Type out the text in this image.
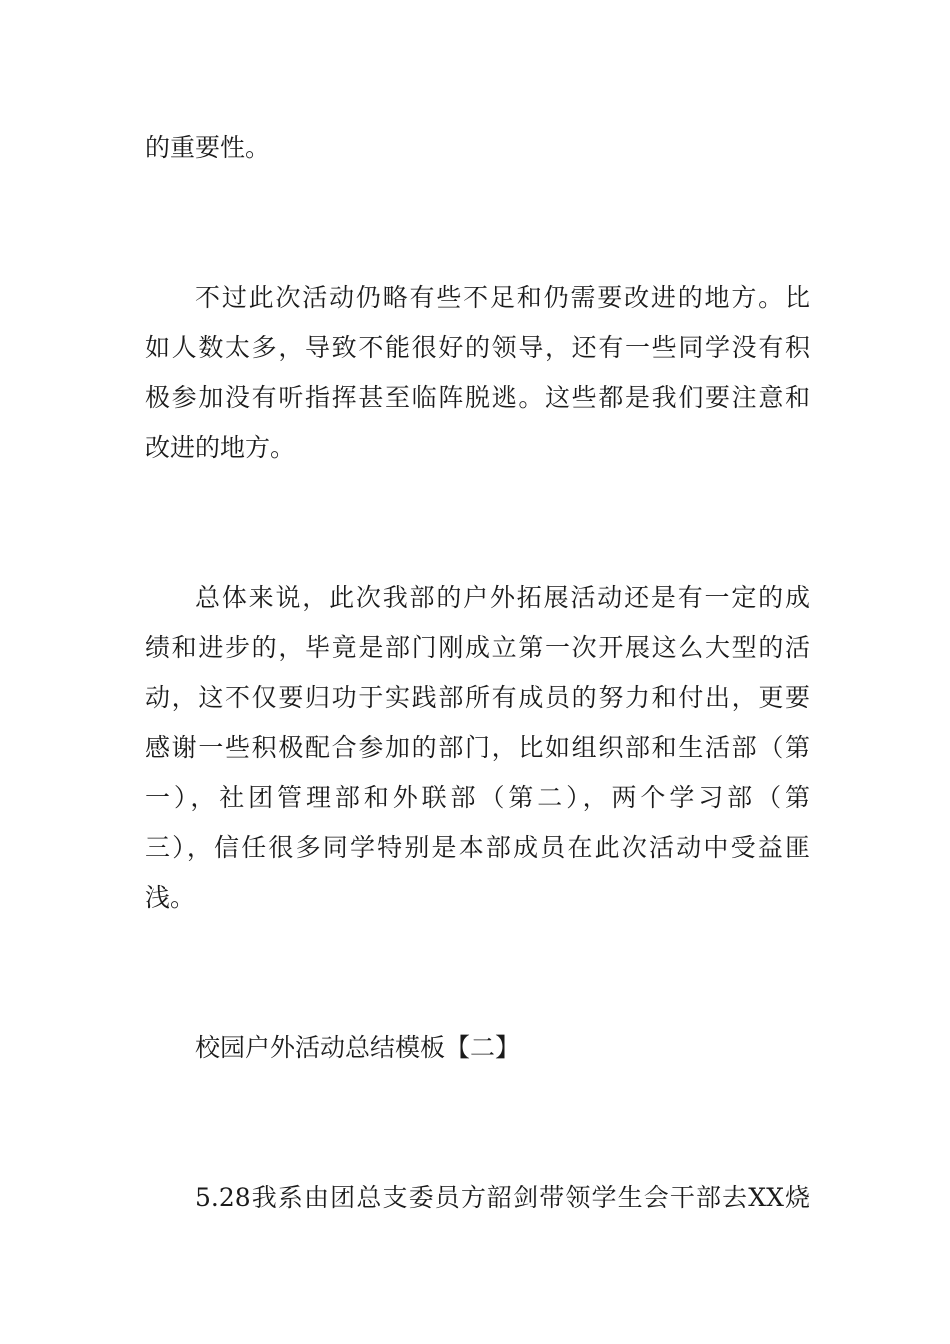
的重要性。
不过此次活动仍略有些不足和仍需要改进的地方。比
如人数太多，导致不能很好的领导，还有一些同学没有积
极参加没有听指挥甚至临阵脱逃。这些都是我们要注意和
改进的地方。
总体来说，此次我部的户外拓展活动还是有一定的成
绩和进步的，毕竟是部门刚成立第一次开展这么大型的活
动，这不仅要归功于实践部所有成员的努力和付出，更要
感谢一些积极配合参加的部门，比如组织部和生活部（第
一），社团管理部和外联部（第二），两个学习部（第
三），信任很多同学特别是本部成员在此次活动中受益匪
浅。
校园户外活动总结模板【二】
5.28我系由团总支委员方韶剑带领学生会干部去XX烧
